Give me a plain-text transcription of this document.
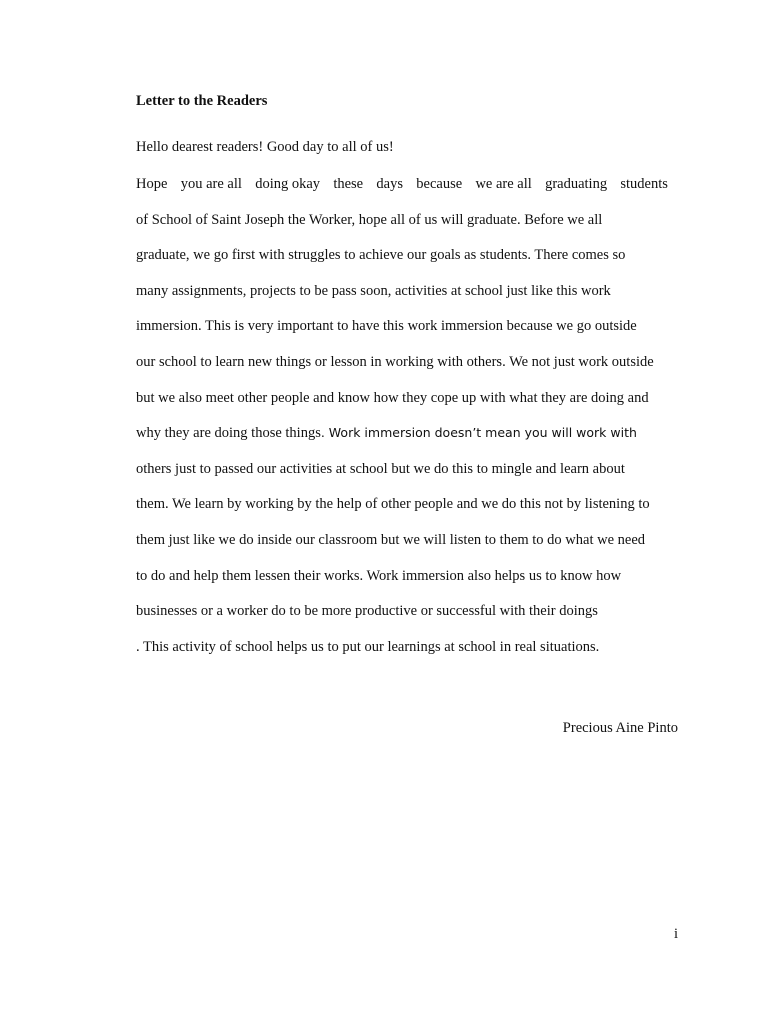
Letter to the Readers
Hello dearest readers! Good day to all of us!
Hope you are all doing okay these days because we are all graduating students
of School of Saint Joseph the Worker, hope all of us will graduate. Before we all
graduate, we go first with struggles to achieve our goals as students. There comes so
many assignments, projects to be pass soon, activities at school just like this work
immersion. This is very important to have this work immersion because we go outside
our school to learn new things or lesson in working with others. We not just work outside
but we also meet other people and know how they cope up with what they are doing and
why they are doing those things. Work immersion doesn’t mean you will work with
others just to passed our activities at school but we do this to mingle and learn about
them. We learn by working by the help of other people and we do this not by listening to
them just like we do inside our classroom but we will listen to them to do what we need
to do and help them lessen their works. Work immersion also helps us to know how
businesses or a worker do to be more productive or successful with their doings
. This activity of school helps us to put our learnings at school in real situations.
Precious Aine Pinto
i
